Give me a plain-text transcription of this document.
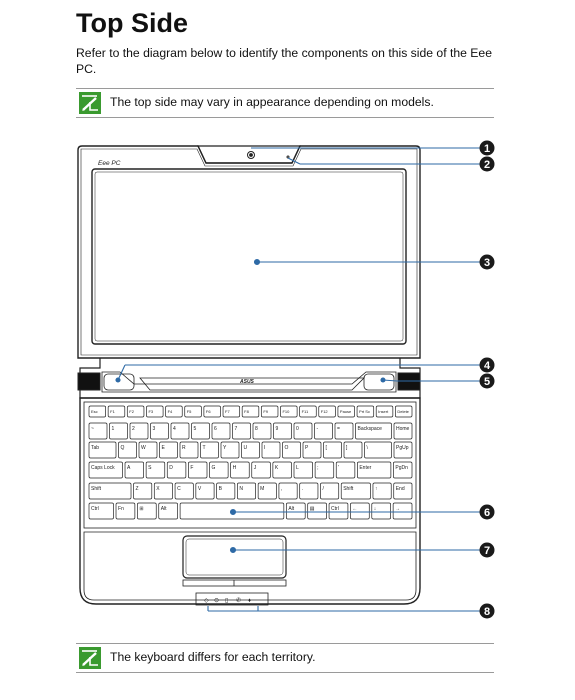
Top Side
Refer to the diagram below to identify the components on this side of the Eee PC.
The top side may vary in appearance depending on models.
ASUS
◇ ⊙ ▯ ✆ ♦
Eee PC
Esc	F1	F2	F3	F4	F5	F6	F7	F8	F9	F10	F11	F12	Pause Prt Sc Insert Delete
~	1	2	3	4	5	6	7	8	9	0	-	=	Backspace	Home
Tab	Q	W	E	R	T	Y	U	I	O	P	[	]	\	PgUp
Caps Lock A	S	D	F	G	H	J	K	L	;	'	Enter	PgDn
Shift	Z	X	C	V	B	N	M	,	.	/	Shift	↑	End
Ctrl	Fn	⊞	Alt	Alt	▤	Ctrl	←	↓	→
1
2
3
4
5
6
7
8
The keyboard differs for each territory.
